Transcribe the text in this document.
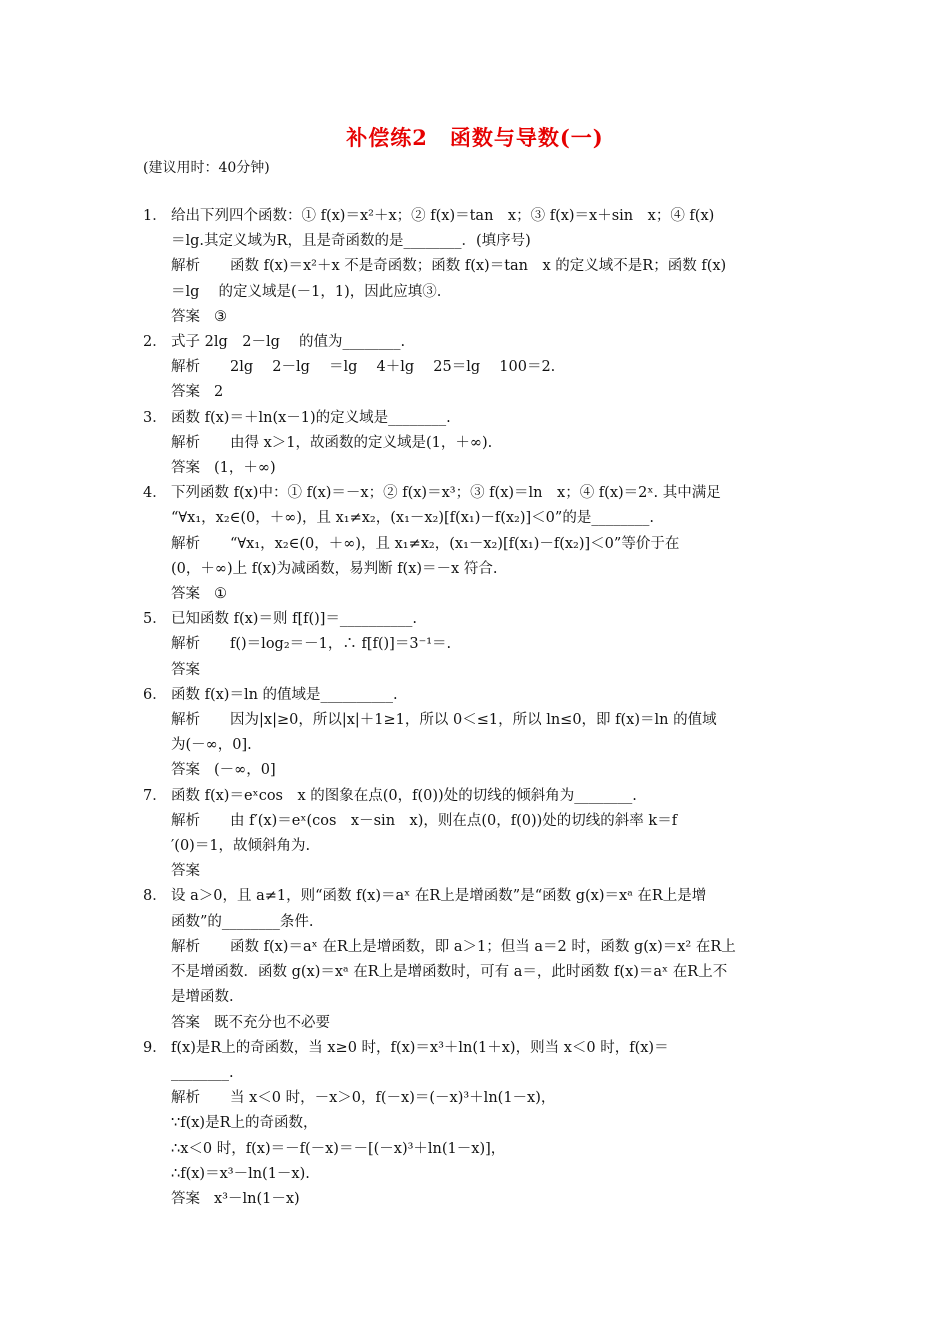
补偿练2　函数与导数(一)
(建议用时：40分钟)
1． 给出下列四个函数：① f(x)＝x²＋x；② f(x)＝tan　x；③ f(x)＝x＋sin　x；④ f(x)
＝lg.其定义域为R，且是奇函数的是________．(填序号)
解析 函数 f(x)＝x²＋x 不是奇函数；函数 f(x)＝tan　x 的定义域不是R；函数 f(x)
＝lg　 的定义域是(－1，1)，因此应填③.
答案 ③
2． 式子 2lg　2－lg　 的值为________.
解析 2lg　 2－lg　 ＝lg　 4＋lg　 25＝lg　 100＝2.
答案 2
3． 函数 f(x)＝＋ln(x－1)的定义域是________.
解析 由得 x＞1，故函数的定义域是(1，＋∞).
答案 (1，＋∞)
4． 下列函数 f(x)中：① f(x)＝－x；② f(x)＝x³；③ f(x)＝ln　x；④ f(x)＝2ˣ. 其中满足
“∀x₁，x₂∈(0，＋∞)，且 x₁≠x₂，(x₁－x₂)[f(x₁)－f(x₂)]＜0”的是________.
解析 “∀x₁，x₂∈(0，＋∞)，且 x₁≠x₂，(x₁－x₂)[f(x₁)－f(x₂)]＜0”等价于在
(0，＋∞)上 f(x)为减函数，易判断 f(x)＝－x 符合.
答案 ①
5． 已知函数 f(x)＝则 f[f()]＝__________.
解析 f()＝log₂＝－1，∴ f[f()]＝3⁻¹＝.
答案
6． 函数 f(x)＝ln 的值域是__________.
解析 因为|x|≥0，所以|x|＋1≥1，所以 0＜≤1，所以 ln≤0，即 f(x)＝ln 的值域
为(－∞，0].
答案 (－∞，0]
7． 函数 f(x)＝eˣcos　x 的图象在点(0，f(0))处的切线的倾斜角为________.
解析 由 f′(x)＝eˣ(cos　x－sin　x)，则在点(0，f(0))处的切线的斜率 k＝f
′(0)＝1，故倾斜角为.
答案
8． 设 a＞0，且 a≠1，则“函数 f(x)＝aˣ 在R上是增函数”是“函数 g(x)＝xᵃ 在R上是增
函数”的________条件.
解析 函数 f(x)＝aˣ 在R上是增函数，即 a＞1；但当 a＝2 时，函数 g(x)＝x² 在R上
不是增函数．函数 g(x)＝xᵃ 在R上是增函数时，可有 a＝，此时函数 f(x)＝aˣ 在R上不
是增函数.
答案 既不充分也不必要
9． f(x)是R上的奇函数，当 x≥0 时，f(x)＝x³＋ln(1＋x)，则当 x＜0 时，f(x)＝
________.
解析 当 x＜0 时，－x＞0，f(－x)＝(－x)³＋ln(1－x)，
∵f(x)是R上的奇函数，
∴x＜0 时，f(x)＝－f(－x)＝－[(－x)³＋ln(1－x)]，
∴f(x)＝x³－ln(1－x).
答案 x³－ln(1－x)
